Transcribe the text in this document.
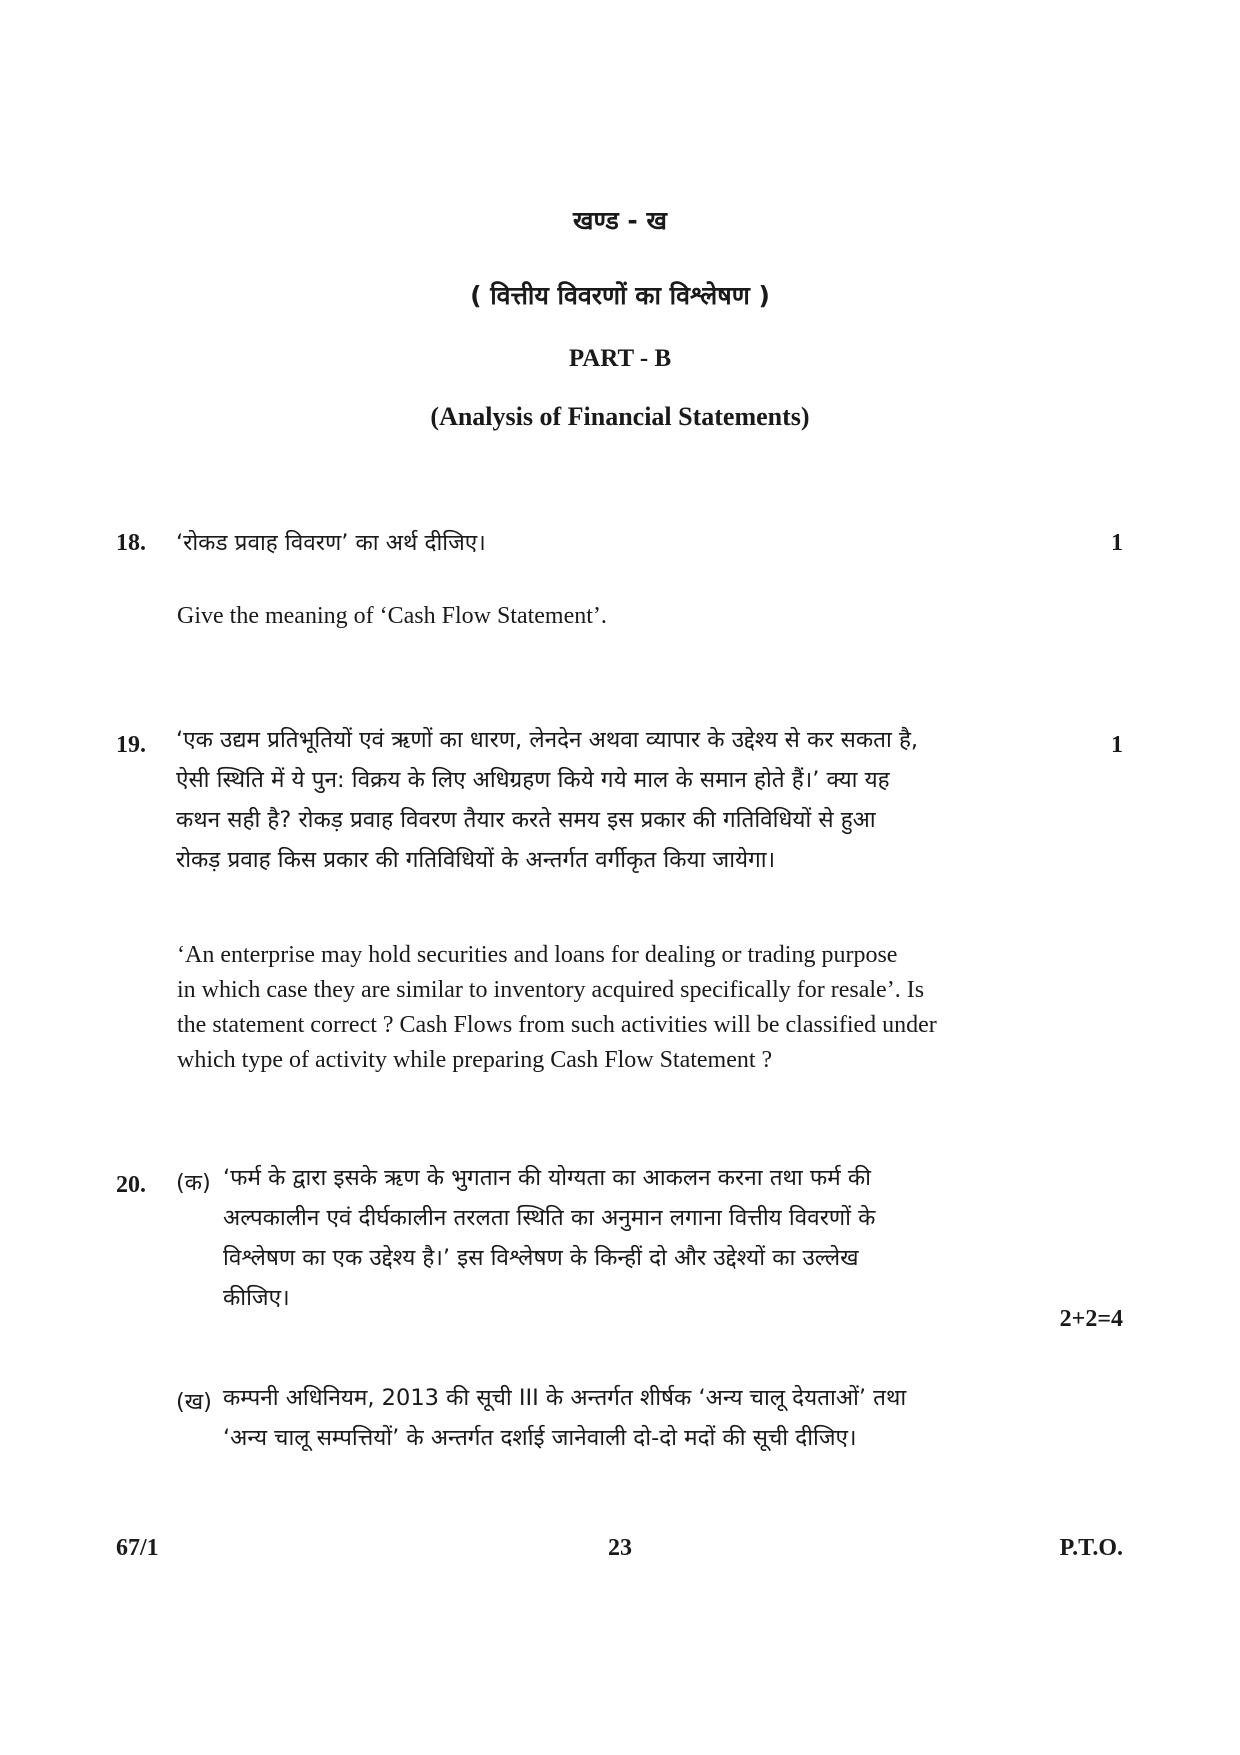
खण्ड - ख
( वित्तीय विवरणों का विश्लेषण )
PART - B
(Analysis of Financial Statements)
18. ‘रोकड प्रवाह विवरण’ का अर्थ दीजिए।	1
Give the meaning of ‘Cash Flow Statement’.
19. ‘एक उद्यम प्रतिभूतियों एवं ऋणों का धारण, लेनदेन अथवा व्यापार के उद्देश्य से कर सकता है,
ऐसी स्थिति में ये पुन: विक्रय के लिए अधिग्रहण किये गये माल के समान होते हैं।’ क्या यह
कथन सही है? रोकड़ प्रवाह विवरण तैयार करते समय इस प्रकार की गतिविधियों से हुआ
रोकड़ प्रवाह किस प्रकार की गतिविधियों के अन्तर्गत वर्गीकृत किया जायेगा।
1
‘An enterprise may hold securities and loans for dealing or trading purpose
in which case they are similar to inventory acquired specifically for resale’. Is
the statement correct ? Cash Flows from such activities will be classified under
which type of activity while preparing Cash Flow Statement ?
20. (क) ‘फर्म के द्वारा इसके ऋण के भुगतान की योग्यता का आकलन करना तथा फर्म की
अल्पकालीन एवं दीर्घकालीन तरलता स्थिति का अनुमान लगाना वित्तीय विवरणों के
विश्लेषण का एक उद्देश्य है।’ इस विश्लेषण के किन्हीं दो और उद्देश्यों का उल्लेख
कीजिए।
2+2=4
(ख) कम्पनी अधिनियम, 2013 की सूची III के अन्तर्गत शीर्षक ‘अन्य चालू देयताओं’ तथा
‘अन्य चालू सम्पत्तियों’ के अन्तर्गत दर्शाई जानेवाली दो-दो मदों की सूची दीजिए।
67/1	23	P.T.O.
